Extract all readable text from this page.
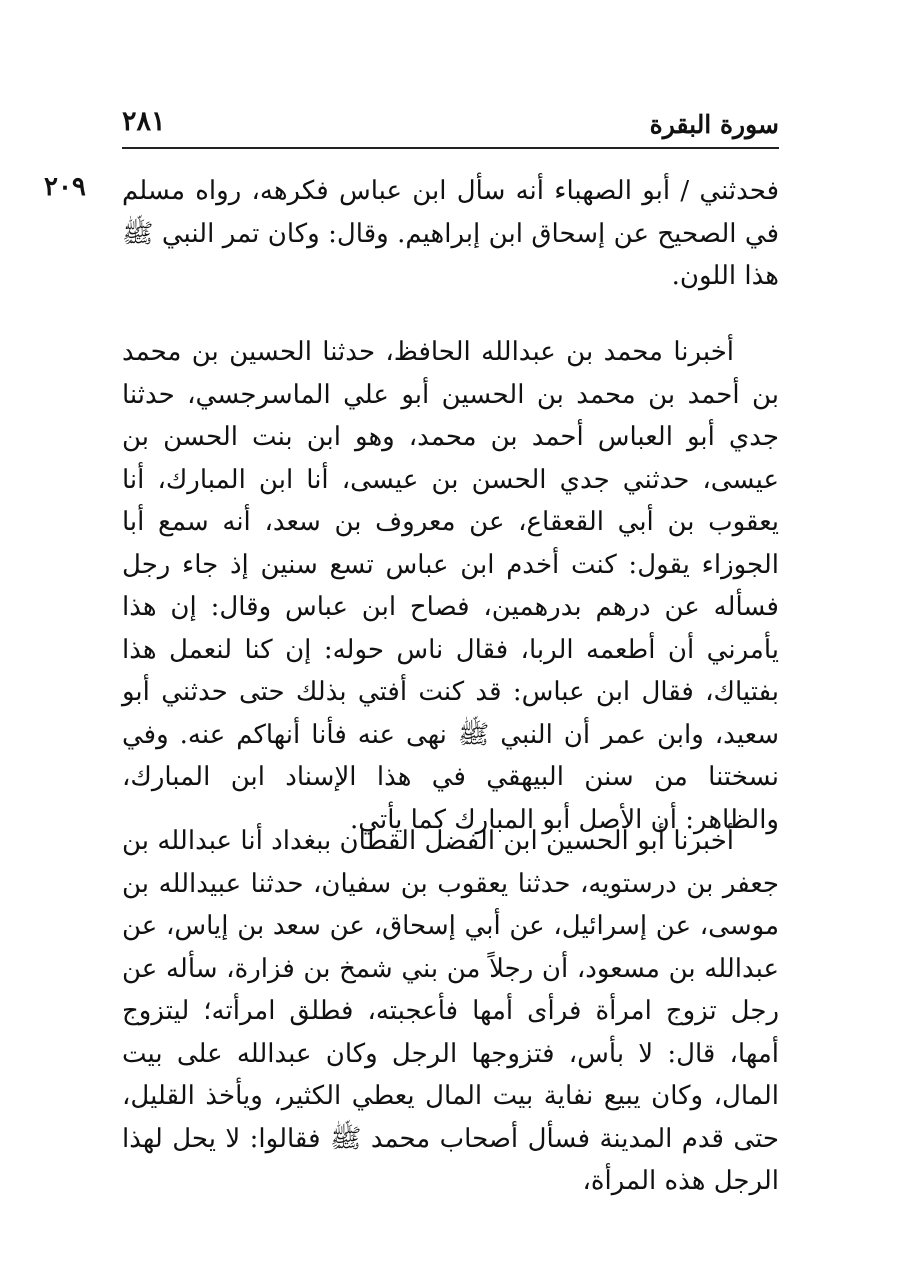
سورة البقرة
٢٨١
٢٠٩ فحدثني / أبو الصهباء أنه سأل ابن عباس فكرهه، رواه مسلم في الصحيح عن إسحاق ابن إبراهيم. وقال: وكان تمر النبي ﷺ هذا اللون.

أخبرنا محمد بن عبدالله الحافظ، حدثنا الحسين بن محمد بن أحمد بن محمد بن الحسين أبو علي الماسرجسي، حدثنا جدي أبو العباس أحمد بن محمد، وهو ابن بنت الحسن بن عيسى، حدثني جدي الحسن بن عيسى، أنا ابن المبارك، أنا يعقوب بن أبي القعقاع، عن معروف بن سعد، أنه سمع أبا الجوزاء يقول: كنت أخدم ابن عباس تسع سنين إذ جاء رجل فسأله عن درهم بدرهمين، فصاح ابن عباس وقال: إن هذا يأمرني أن أطعمه الربا، فقال ناس حوله: إن كنا لنعمل هذا بفتياك، فقال ابن عباس: قد كنت أفتي بذلك حتى حدثني أبو سعيد، وابن عمر أن النبي ﷺ نهى عنه فأنا أنهاكم عنه. وفي نسختنا من سنن البيهقي في هذا الإسناد ابن المبارك، والظاهر: أن الأصل أبو المبارك كما يأتي.

أخبرنا أبو الحسين ابن الفضل القطان ببغداد أنا عبدالله بن جعفر بن درستويه، حدثنا يعقوب بن سفيان، حدثنا عبيدالله بن موسى، عن إسرائيل، عن أبي إسحاق، عن سعد بن إياس، عن عبدالله بن مسعود، أن رجلاً من بني شمخ بن فزارة، سأله عن رجل تزوج امرأة فرأى أمها فأعجبته، فطلق امرأته؛ ليتزوج أمها، قال: لا بأس، فتزوجها الرجل وكان عبدالله على بيت المال، وكان يبيع نفاية بيت المال يعطي الكثير، ويأخذ القليل، حتى قدم المدينة فسأل أصحاب محمد ﷺ فقالوا: لا يحل لهذا الرجل هذه المرأة،
